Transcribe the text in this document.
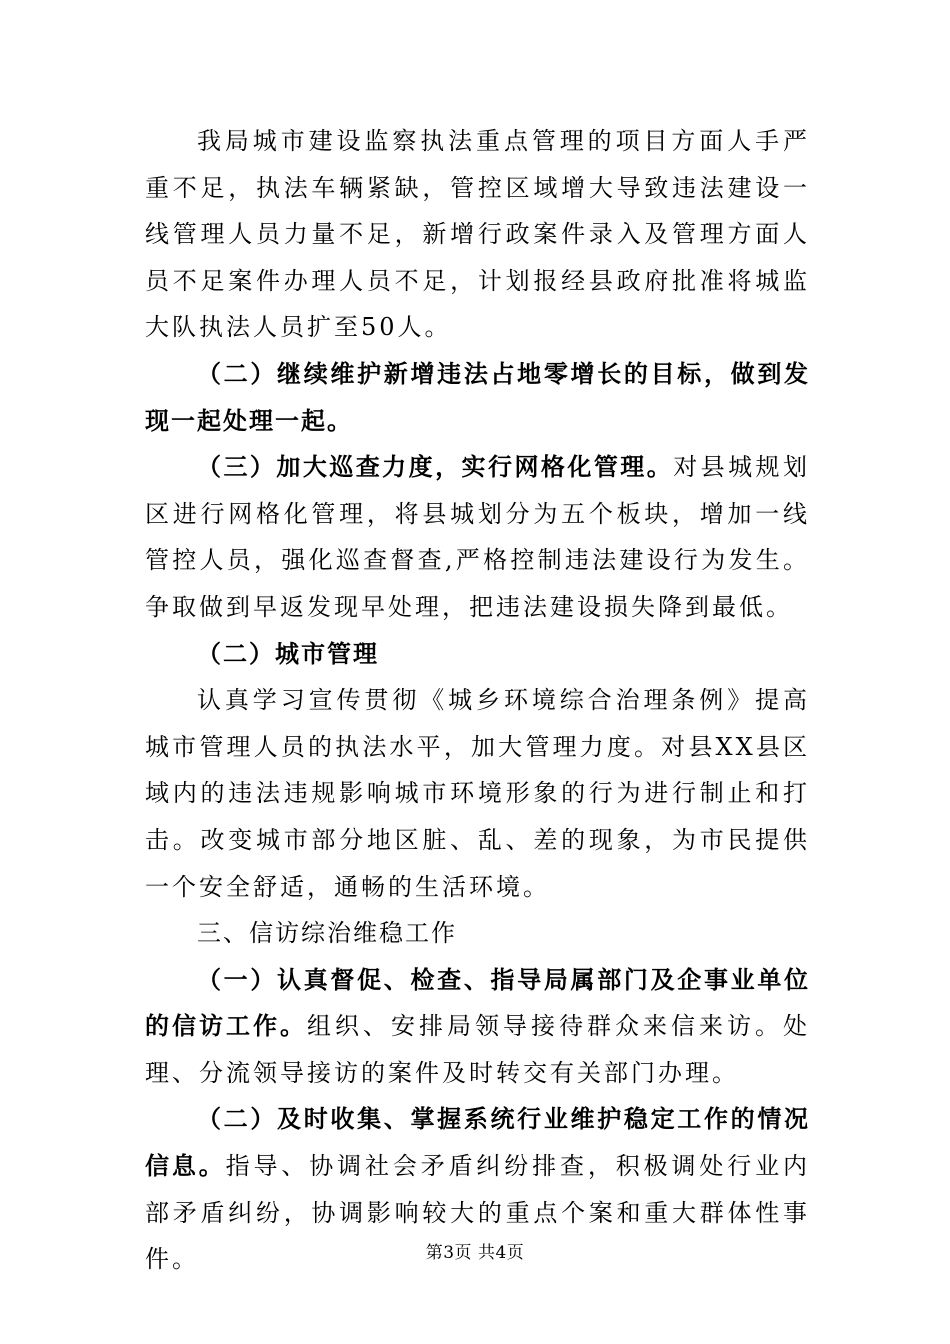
我局城市建设监察执法重点管理的项目方面人手严重不足，执法车辆紧缺，管控区域增大导致违法建设一线管理人员力量不足，新增行政案件录入及管理方面人员不足案件办理人员不足，计划报经县政府批准将城监大队执法人员扩至50人。

（二）继续维护新增违法占地零增长的目标，做到发现一起处理一起。

（三）加大巡查力度，实行网格化管理。对县城规划区进行网格化管理，将县城划分为五个板块，增加一线管控人员，强化巡查督查,严格控制违法建设行为发生。争取做到早返发现早处理，把违法建设损失降到最低。

（二）城市管理

认真学习宣传贯彻《城乡环境综合治理条例》提高城市管理人员的执法水平，加大管理力度。对县XX县区域内的违法违规影响城市环境形象的行为进行制止和打击。改变城市部分地区脏、乱、差的现象，为市民提供一个安全舒适，通畅的生活环境。

三、信访综治维稳工作

（一）认真督促、检查、指导局属部门及企事业单位的信访工作。组织、安排局领导接待群众来信来访。处理、分流领导接访的案件及时转交有关部门办理。

（二）及时收集、掌握系统行业维护稳定工作的情况信息。指导、协调社会矛盾纠纷排查，积极调处行业内部矛盾纠纷，协调影响较大的重点个案和重大群体性事件。	第3页 共4页
